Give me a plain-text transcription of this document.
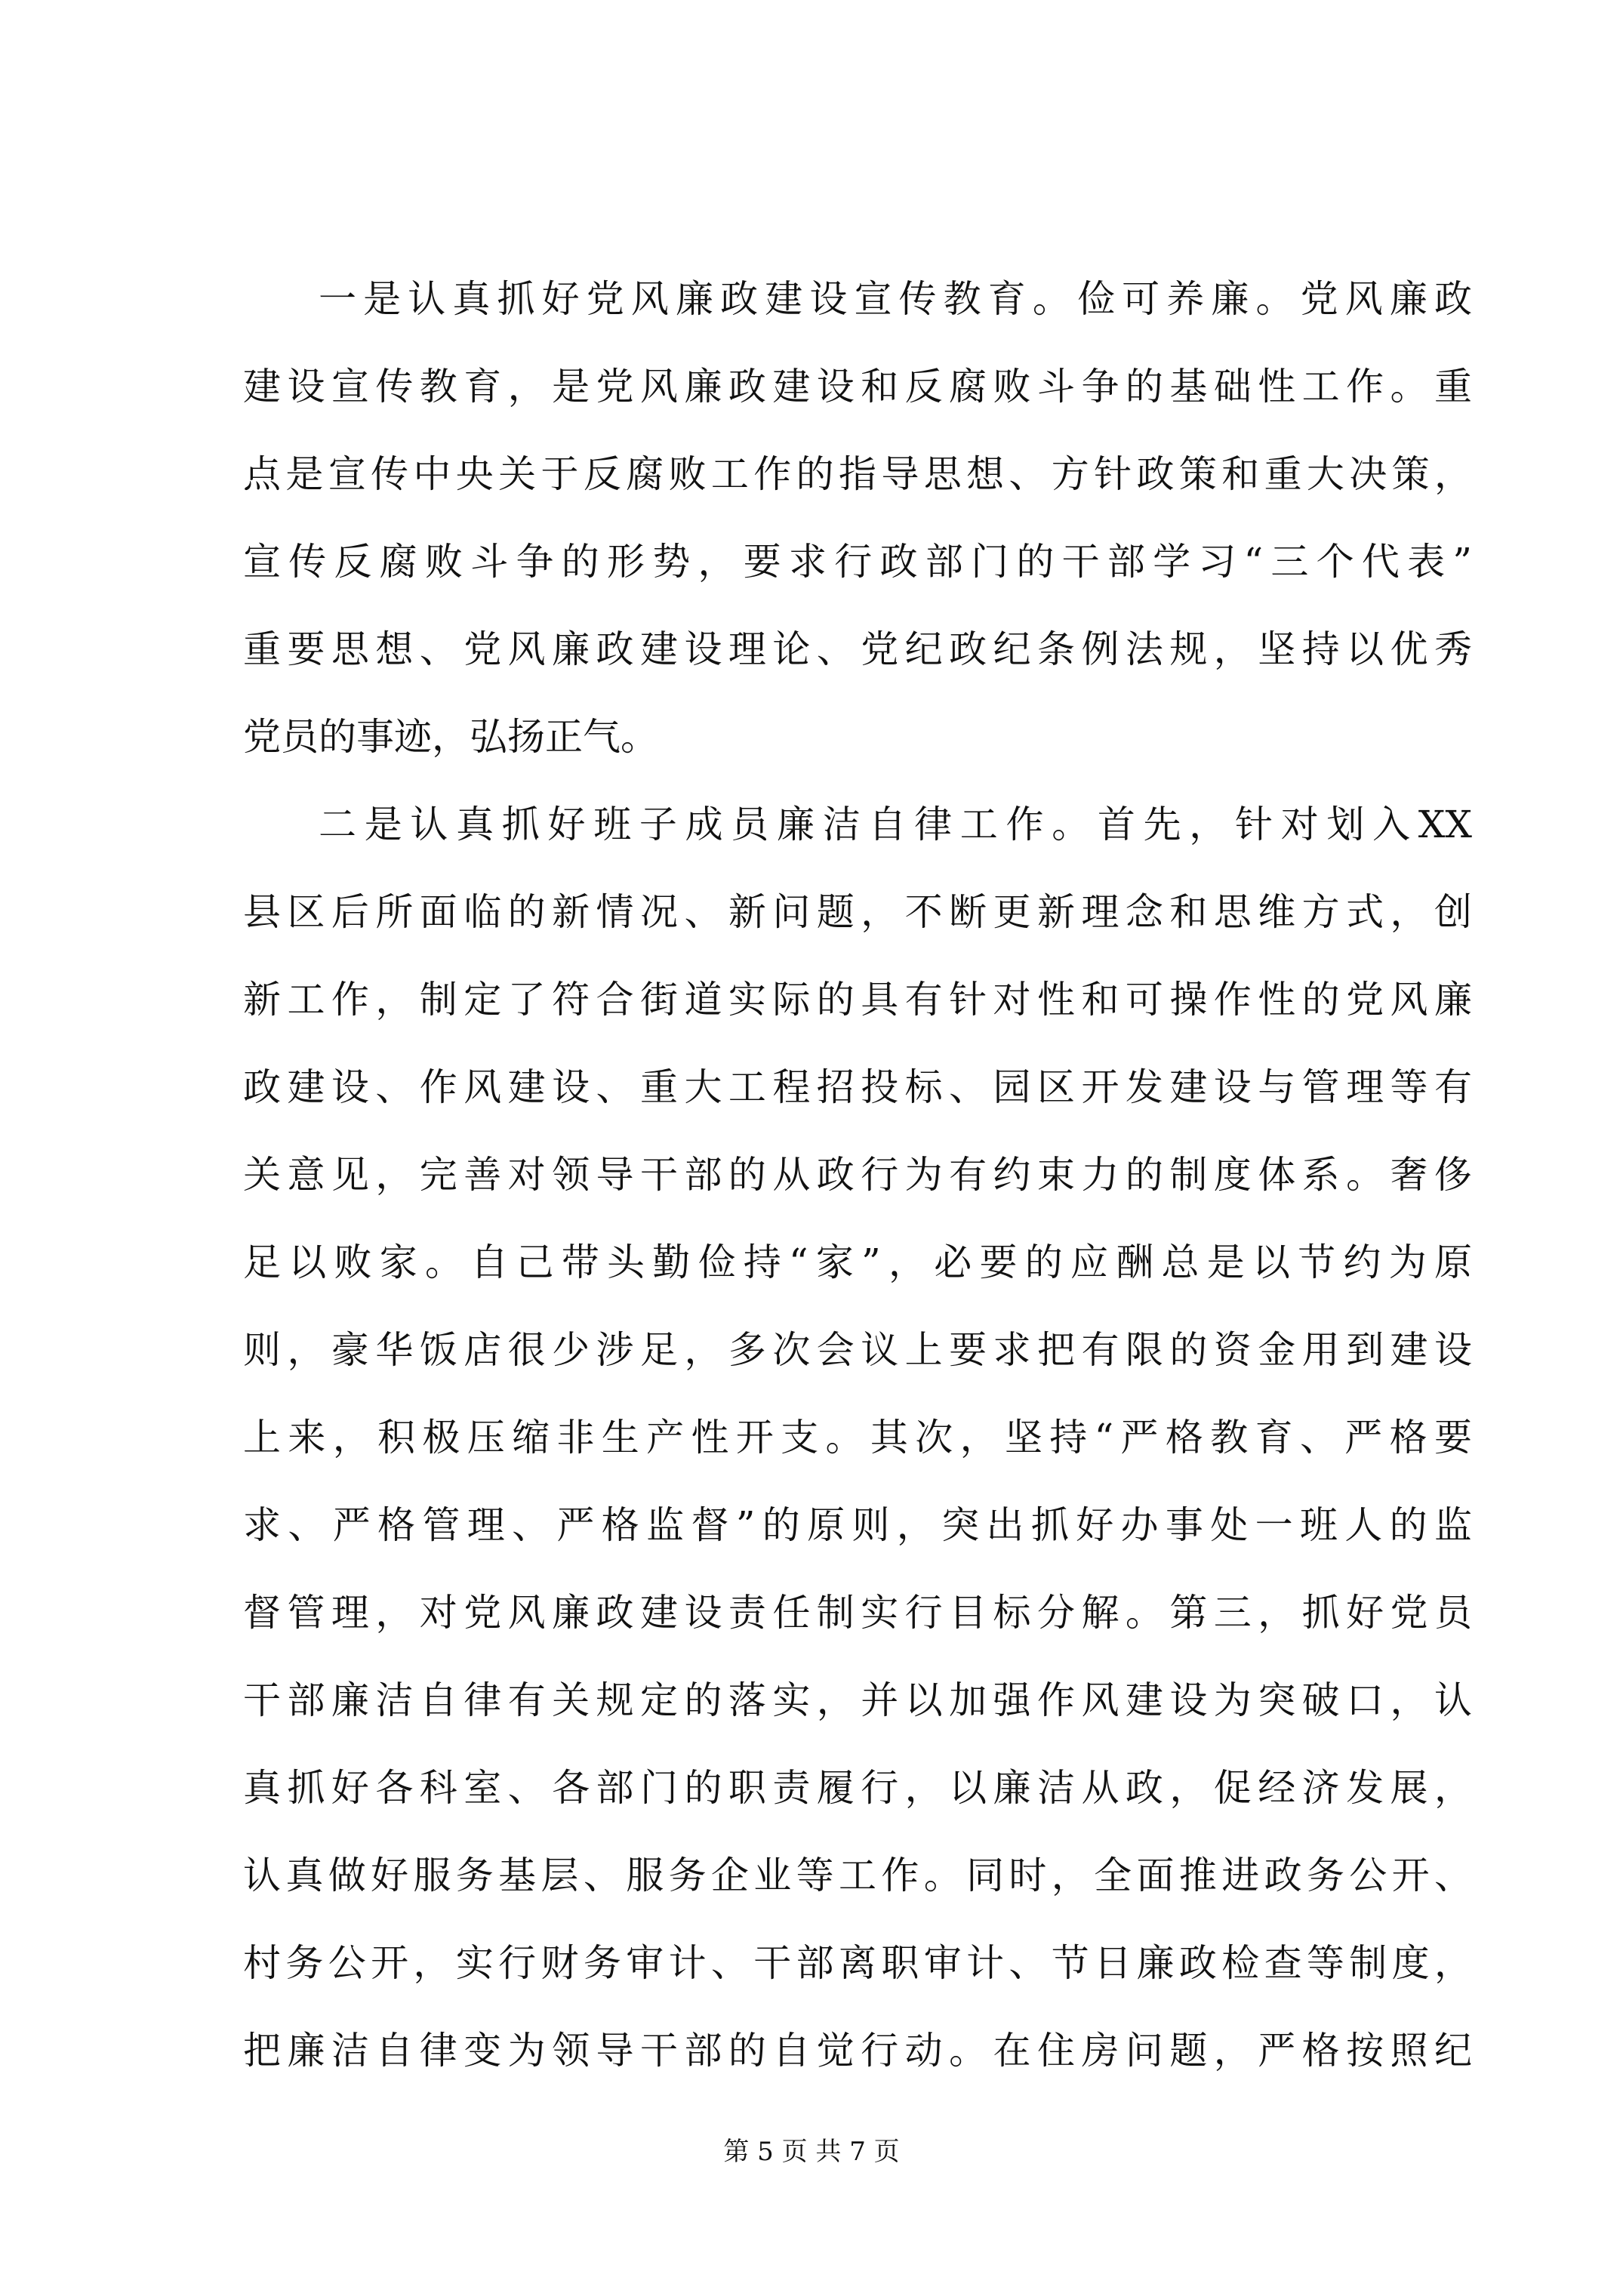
一是认真抓好党风廉政建设宣传教育。俭可养廉。党风廉政
建设宣传教育，是党风廉政建设和反腐败斗争的基础性工作。重
点是宣传中央关于反腐败工作的指导思想、方针政策和重大决策，
宣传反腐败斗争的形势，要求行政部门的干部学习“三个代表”
重要思想、党风廉政建设理论、党纪政纪条例法规，坚持以优秀
党员的事迹，弘扬正气。
二是认真抓好班子成员廉洁自律工作。首先，针对划入XX
县区后所面临的新情况、新问题，不断更新理念和思维方式，创
新工作，制定了符合街道实际的具有针对性和可操作性的党风廉
政建设、作风建设、重大工程招投标、园区开发建设与管理等有
关意见，完善对领导干部的从政行为有约束力的制度体系。奢侈
足以败家。自己带头勤俭持“家”，必要的应酬总是以节约为原
则，豪华饭店很少涉足，多次会议上要求把有限的资金用到建设
上来，积极压缩非生产性开支。其次，坚持“严格教育、严格要
求、严格管理、严格监督”的原则，突出抓好办事处一班人的监
督管理，对党风廉政建设责任制实行目标分解。第三，抓好党员
干部廉洁自律有关规定的落实，并以加强作风建设为突破口，认
真抓好各科室、各部门的职责履行，以廉洁从政，促经济发展，
认真做好服务基层、服务企业等工作。同时，全面推进政务公开、
村务公开，实行财务审计、干部离职审计、节日廉政检查等制度，
把廉洁自律变为领导干部的自觉行动。在住房问题，严格按照纪
第 5 页 共 7 页
